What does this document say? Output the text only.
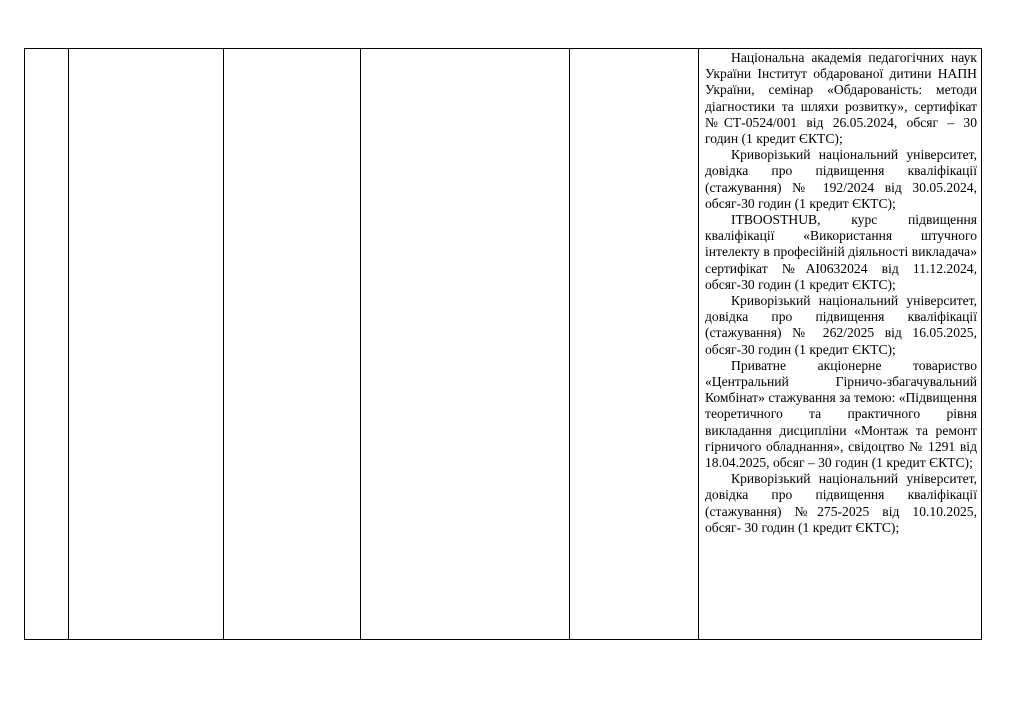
Національна академія педагогічних наук України Інститут обдарованої дитини НАПН України, семінар «Обдарованість: методи діагностики та шляхи розвитку», сертифікат №СТ-0524/001 від 26.05.2024, обсяг – 30 годин (1 кредит ЄКТС);

Криворізький національний університет, довідка про підвищення кваліфікації (стажування) № 192/2024 від 30.05.2024, обсяг-30 годин (1 кредит ЄКТС);

ITBOOSTHUB, курс підвищення кваліфікації «Використання штучного інтелекту в професійній діяльності викладача» сертифікат №AI0632024 від 11.12.2024, обсяг-30 годин (1 кредит ЄКТС);

Криворізький національний університет, довідка про підвищення кваліфікації (стажування) № 262/2025 від 16.05.2025, обсяг-30 годин (1 кредит ЄКТС);

Приватне акціонерне товариство «Центральний Гірничо-збагачувальний Комбінат» стажування за темою: «Підвищення теоретичного та практичного рівня викладання дисципліни «Монтаж та ремонт гірничого обладнання», свідоцтво № 1291 від 18.04.2025, обсяг – 30 годин (1 кредит ЄКТС);

Криворізький національний університет, довідка про підвищення кваліфікації (стажування) №275-2025 від 10.10.2025, обсяг- 30 годин (1 кредит ЄКТС);
